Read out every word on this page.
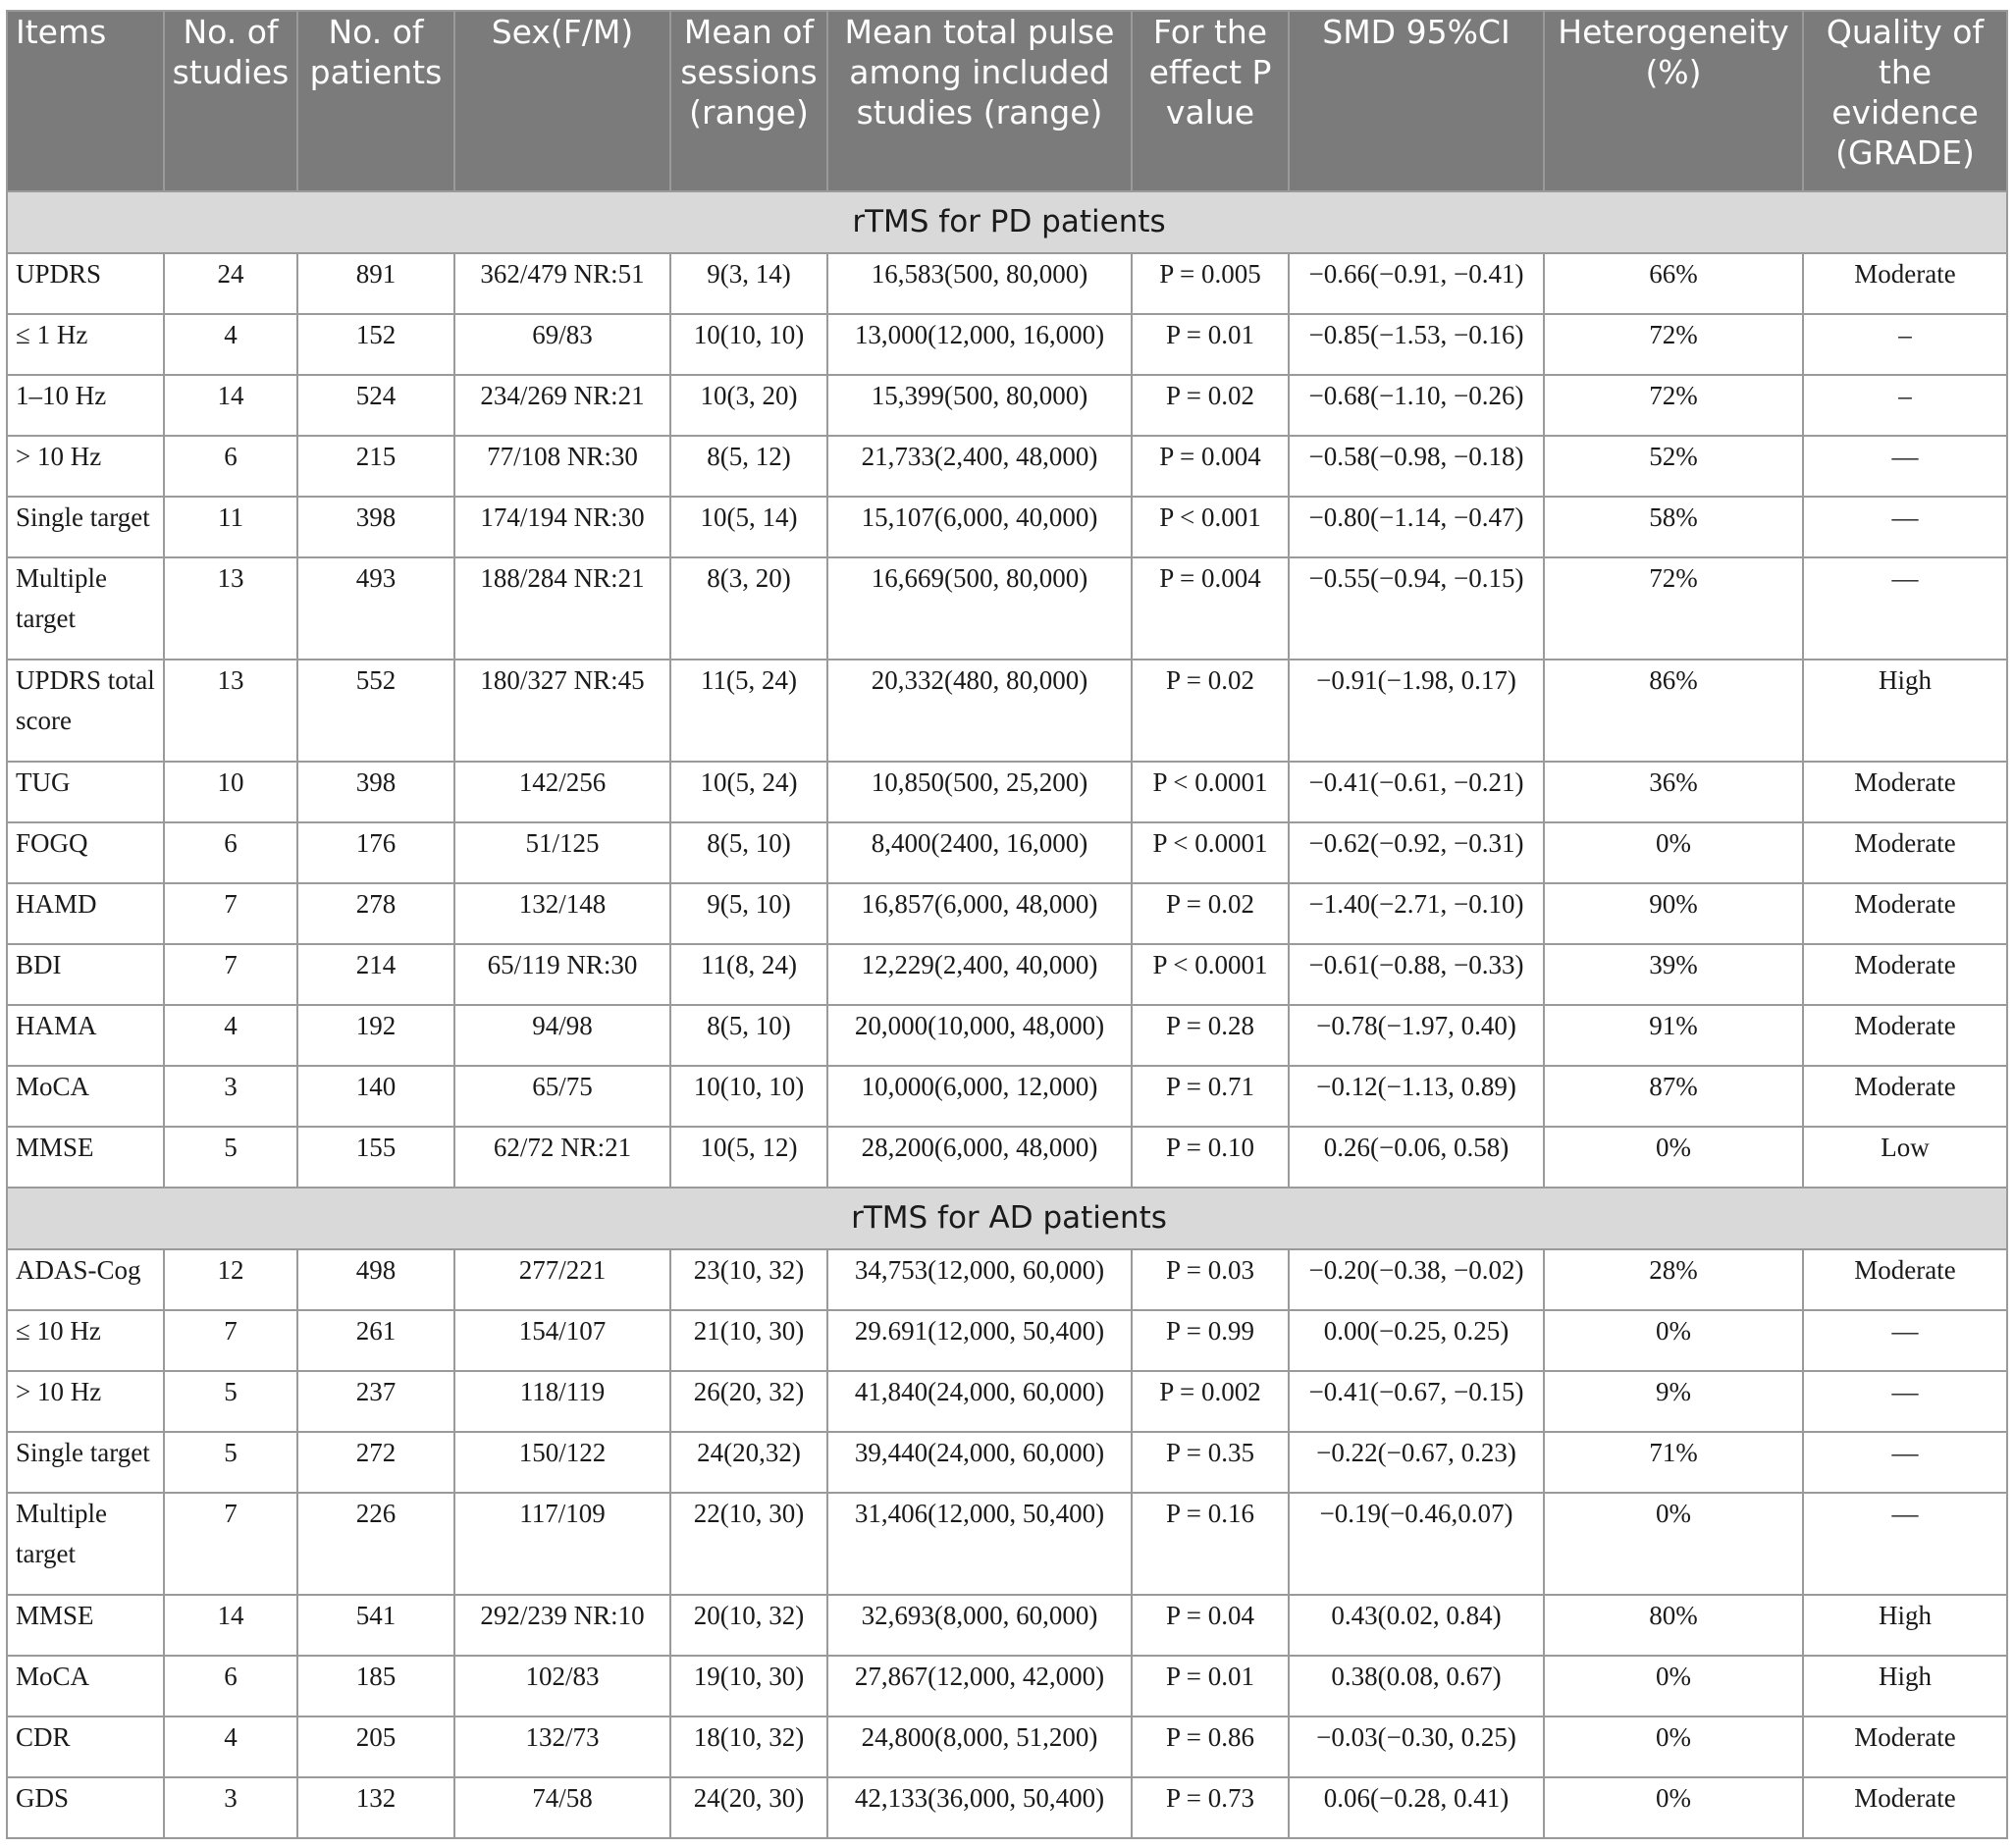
Items	No. of studies	No. of patients	Sex(F/M)	Mean of sessions (range)	Mean total pulse among included studies (range)	For the effect P value	SMD 95%CI	Heterogeneity (%)	Quality of the evidence (GRADE)
rTMS for PD patients									
UPDRS	24	891	362/479 NR:51	9(3, 14)	16,583(500, 80,000)	P = 0.005	−0.66(−0.91, −0.41)	66%	Moderate
≤ 1 Hz	4	152	69/83	10(10, 10)	13,000(12,000, 16,000)	P = 0.01	−0.85(−1.53, −0.16)	72%	–
1–10 Hz	14	524	234/269 NR:21	10(3, 20)	15,399(500, 80,000)	P = 0.02	−0.68(−1.10, −0.26)	72%	–
> 10 Hz	6	215	77/108 NR:30	8(5, 12)	21,733(2,400, 48,000)	P = 0.004	−0.58(−0.98, −0.18)	52%	—
Single target	11	398	174/194 NR:30	10(5, 14)	15,107(6,000, 40,000)	P < 0.001	−0.80(−1.14, −0.47)	58%	—
Multiple target	13	493	188/284 NR:21	8(3, 20)	16,669(500, 80,000)	P = 0.004	−0.55(−0.94, −0.15)	72%	—
UPDRS total score	13	552	180/327 NR:45	11(5, 24)	20,332(480, 80,000)	P = 0.02	−0.91(−1.98, 0.17)	86%	High
TUG	10	398	142/256	10(5, 24)	10,850(500, 25,200)	P < 0.0001	−0.41(−0.61, −0.21)	36%	Moderate
FOGQ	6	176	51/125	8(5, 10)	8,400(2400, 16,000)	P < 0.0001	−0.62(−0.92, −0.31)	0%	Moderate
HAMD	7	278	132/148	9(5, 10)	16,857(6,000, 48,000)	P = 0.02	−1.40(−2.71, −0.10)	90%	Moderate
BDI	7	214	65/119 NR:30	11(8, 24)	12,229(2,400, 40,000)	P < 0.0001	−0.61(−0.88, −0.33)	39%	Moderate
HAMA	4	192	94/98	8(5, 10)	20,000(10,000, 48,000)	P = 0.28	−0.78(−1.97, 0.40)	91%	Moderate
MoCA	3	140	65/75	10(10, 10)	10,000(6,000, 12,000)	P = 0.71	−0.12(−1.13, 0.89)	87%	Moderate
MMSE	5	155	62/72 NR:21	10(5, 12)	28,200(6,000, 48,000)	P = 0.10	0.26(−0.06, 0.58)	0%	Low
rTMS for AD patients									
ADAS-Cog	12	498	277/221	23(10, 32)	34,753(12,000, 60,000)	P = 0.03	−0.20(−0.38, −0.02)	28%	Moderate
≤ 10 Hz	7	261	154/107	21(10, 30)	29.691(12,000, 50,400)	P = 0.99	0.00(−0.25, 0.25)	0%	—
> 10 Hz	5	237	118/119	26(20, 32)	41,840(24,000, 60,000)	P = 0.002	−0.41(−0.67, −0.15)	9%	—
Single target	5	272	150/122	24(20,32)	39,440(24,000, 60,000)	P = 0.35	−0.22(−0.67, 0.23)	71%	—
Multiple target	7	226	117/109	22(10, 30)	31,406(12,000, 50,400)	P = 0.16	−0.19(−0.46,0.07)	0%	—
MMSE	14	541	292/239 NR:10	20(10, 32)	32,693(8,000, 60,000)	P = 0.04	0.43(0.02, 0.84)	80%	High
MoCA	6	185	102/83	19(10, 30)	27,867(12,000, 42,000)	P = 0.01	0.38(0.08, 0.67)	0%	High
CDR	4	205	132/73	18(10, 32)	24,800(8,000, 51,200)	P = 0.86	−0.03(−0.30, 0.25)	0%	Moderate
GDS	3	132	74/58	24(20, 30)	42,133(36,000, 50,400)	P = 0.73	0.06(−0.28, 0.41)	0%	Moderate
